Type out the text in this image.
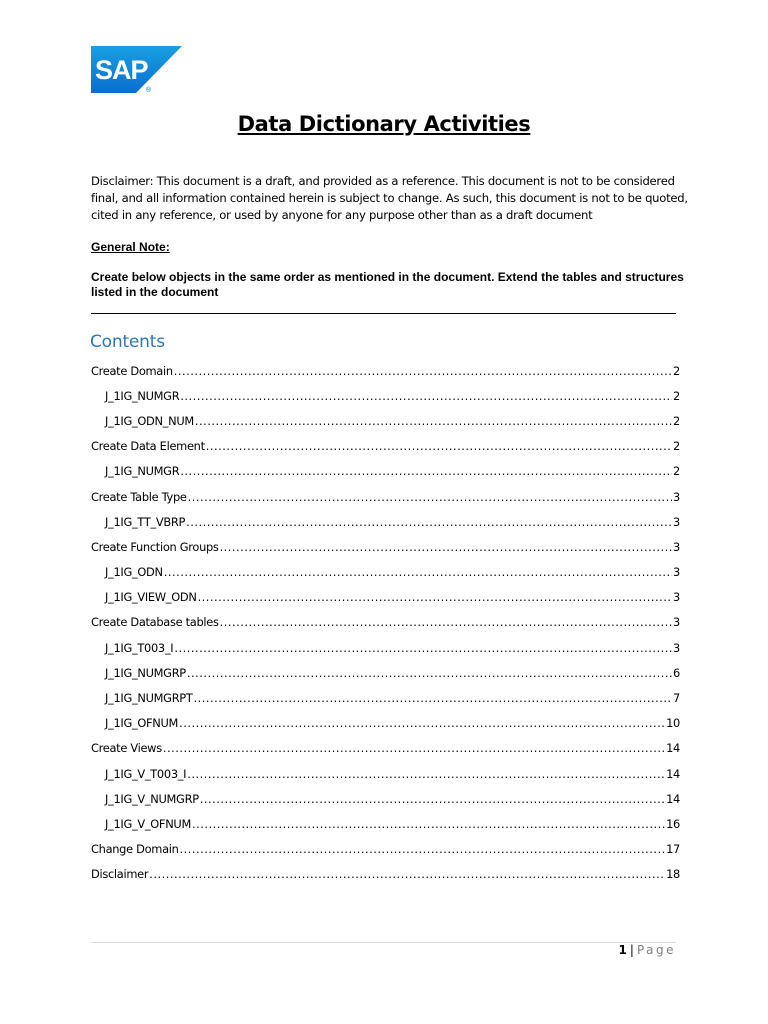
SAP
®
Data Dictionary Activities
Disclaimer: This document is a draft, and provided as a reference. This document is not to be considered final, and all information contained herein is subject to change. As such, this document is not to be quoted, cited in any reference, or used by anyone for any purpose other than as a draft document
General Note:
Create below objects in the same order as mentioned in the document. Extend the tables and structures listed in the document
Contents
Create Domain .....	2
J_1IG_NUMGR .....	2
J_1IG_ODN_NUM .....	2
Create Data Element .....	2
J_1IG_NUMGR .....	2
Create Table Type .....	3
J_1IG_TT_VBRP .....	3
Create Function Groups .....	3
J_1IG_ODN .....	3
J_1IG_VIEW_ODN .....	3
Create Database tables .....	3
J_1IG_T003_I .....	3
J_1IG_NUMGRP .....	6
J_1IG_NUMGRPT .....	7
J_1IG_OFNUM .....	10
Create Views .....	14
J_1IG_V_T003_I .....	14
J_1IG_V_NUMGRP .....	14
J_1IG_V_OFNUM .....	16
Change Domain .....	17
Disclaimer .....	18
1 | Page
